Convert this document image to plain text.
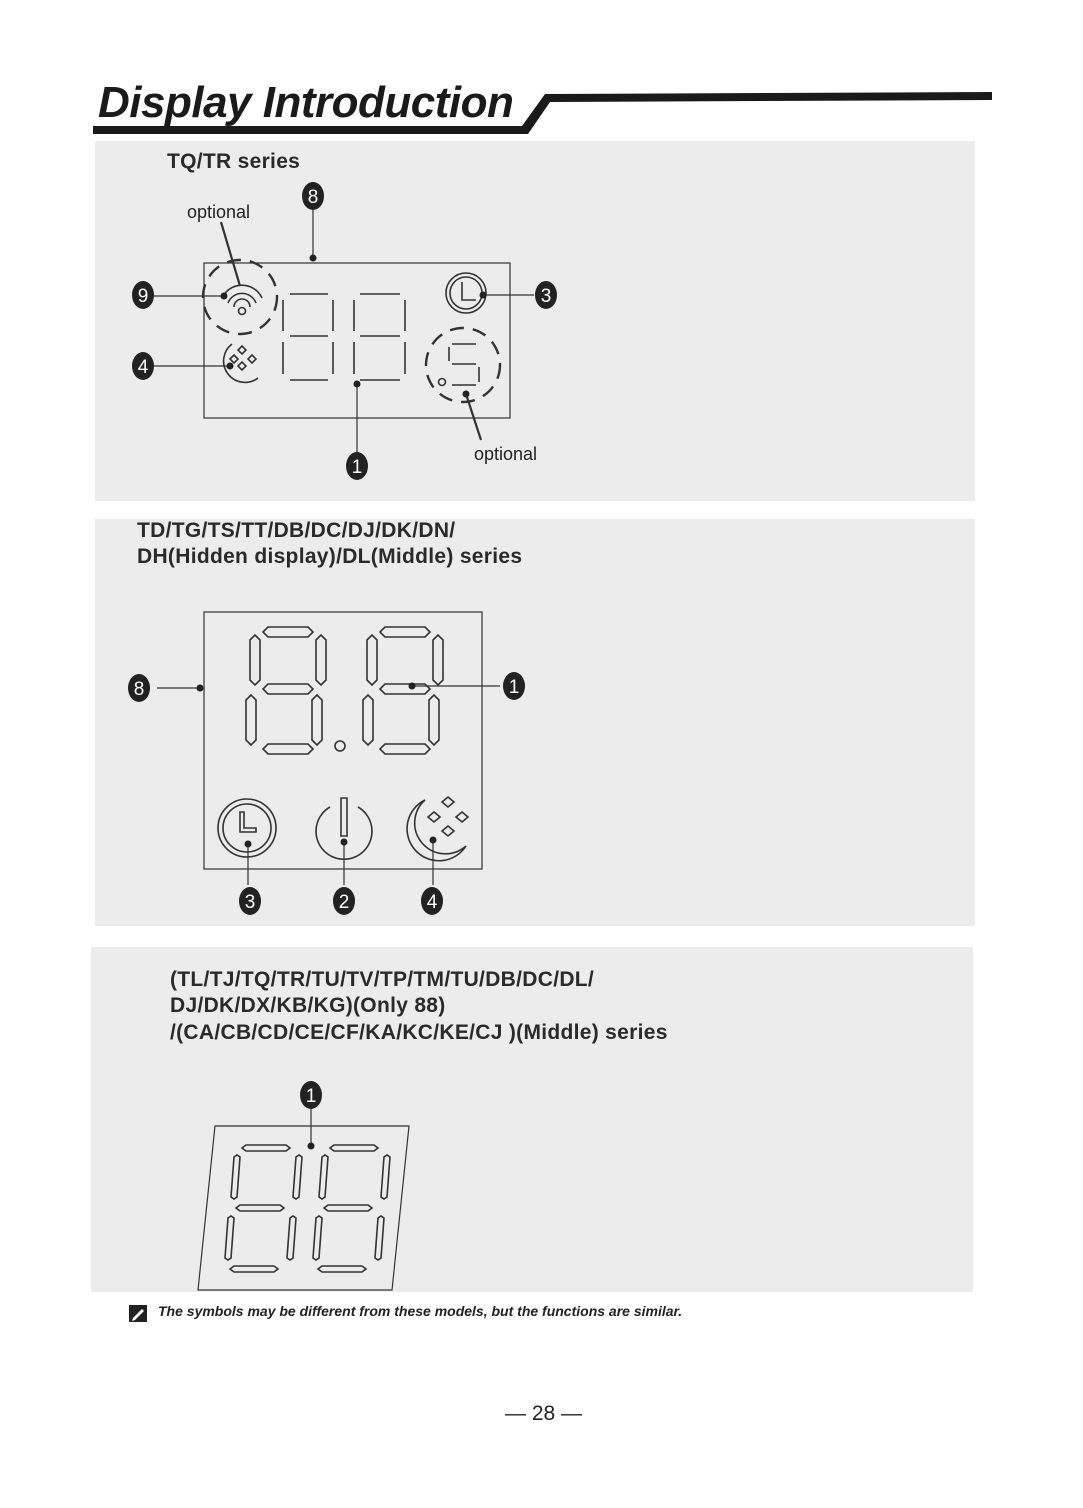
Display Introduction
TQ/TR series
optional
optional
8
9
4
3
1
TD/TG/TS/TT/DB/DC/DJ/DK/DN/
DH(Hidden display)/DL(Middle) series
8	1
3	2	4
(TL/TJ/TQ/TR/TU/TV/TP/TM/TU/DB/DC/DL/
DJ/DK/DX/KB/KG)(Only 88)
/(CA/CB/CD/CE/CF/KA/KC/KE/CJ )(Middle) series
1
The symbols may be different from these models, but the functions are similar.
— 28 —
